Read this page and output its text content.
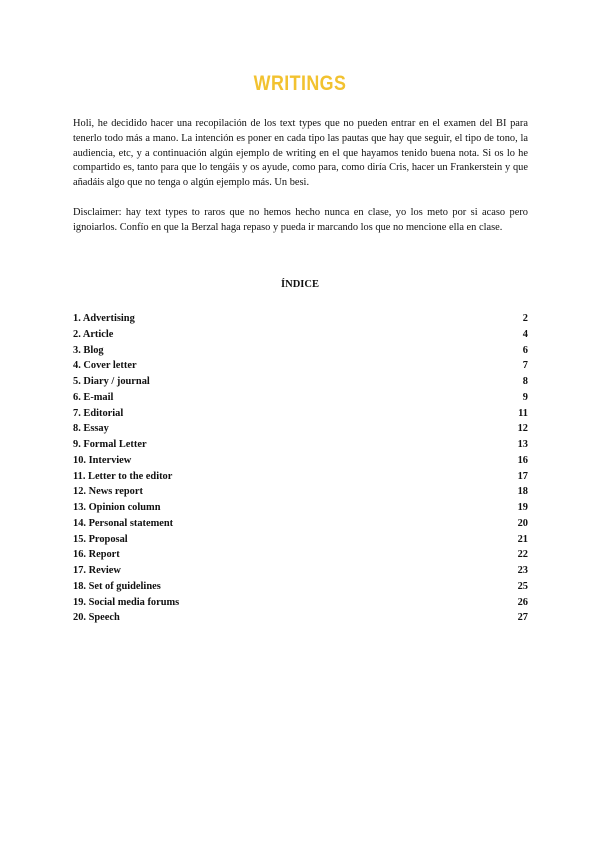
WRITINGS

Holi, he decidido hacer una recopilación de los text types que no pueden entrar en el examen del BI para tenerlo todo más a mano. La intención es poner en cada tipo las pautas que hay que seguir, el tipo de tono, la audiencia, etc, y a continuación algún ejemplo de writing en el que hayamos tenido buena nota. Si os lo he compartido es, tanto para que lo tengáis y os ayude, como para, como diría Cris, hacer un Frankerstein y que añadáis algo que no tenga o algún ejemplo más. Un besi.

Disclaimer: hay text types to raros que no hemos hecho nunca en clase, yo los meto por si acaso pero ignoiarlos. Confío en que la Berzal haga repaso y pueda ir marcando los que no mencione ella en clase.

ÍNDICE
1. Advertising	2
2. Article	4
3. Blog	6
4. Cover letter	7
5. Diary / journal	8
6. E-mail	9
7. Editorial	11
8. Essay	12
9. Formal Letter	13
10. Interview	16
11. Letter to the editor	17
12. News report	18
13. Opinion column	19
14. Personal statement	20
15. Proposal	21
16. Report	22
17. Review	23
18. Set of guidelines	25
19. Social media forums	26
20. Speech	27
